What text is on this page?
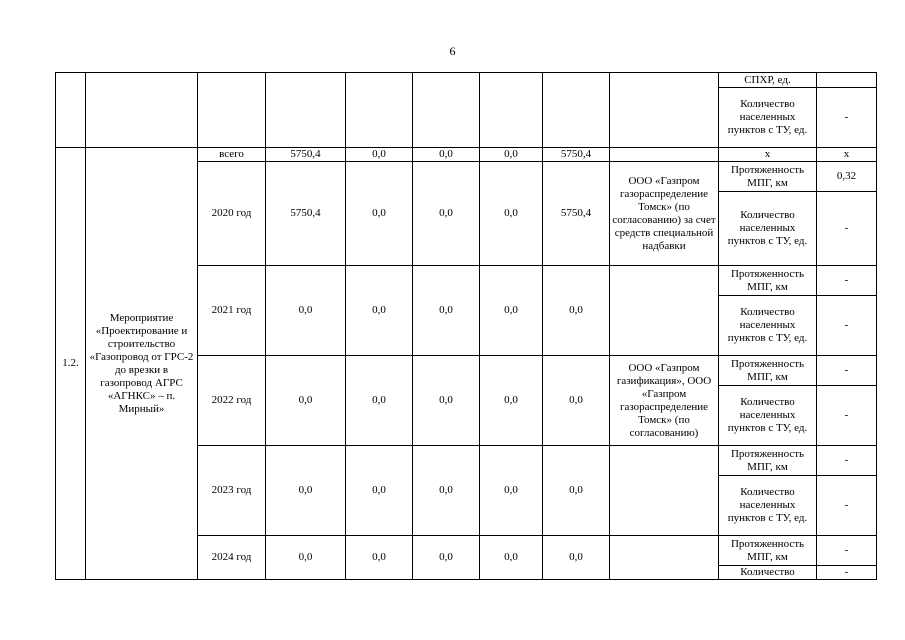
6
									СПХР, ед.	
									Количество населенных пунктов с ТУ, ед.	-
1.2.	Мероприятие «Проектирование и строительство «Газопровод от ГРС-2 до врезки в газопровод АГРС «АГНКС» – п. Мирный»	всего	5750,4	0,0	0,0	0,0	5750,4		х	х
		2020 год	5750,4	0,0	0,0	0,0	5750,4	ООО «Газпром газораспределение Томск» (по согласованию) за счет средств специальной надбавки	Протяженность МПГ, км	0,32
									Количество населенных пунктов с ТУ, ед.	-
		2021 год	0,0	0,0	0,0	0,0	0,0		Протяженность МПГ, км	-
									Количество населенных пунктов с ТУ, ед.	-
		2022 год	0,0	0,0	0,0	0,0	0,0	ООО «Газпром газификация», ООО «Газпром газораспределение Томск» (по согласованию)	Протяженность МПГ, км	-
									Количество населенных пунктов с ТУ, ед.	-
		2023 год	0,0	0,0	0,0	0,0	0,0		Протяженность МПГ, км	-
									Количество населенных пунктов с ТУ, ед.	-
		2024 год	0,0	0,0	0,0	0,0	0,0		Протяженность МПГ, км	-
									Количество	-
